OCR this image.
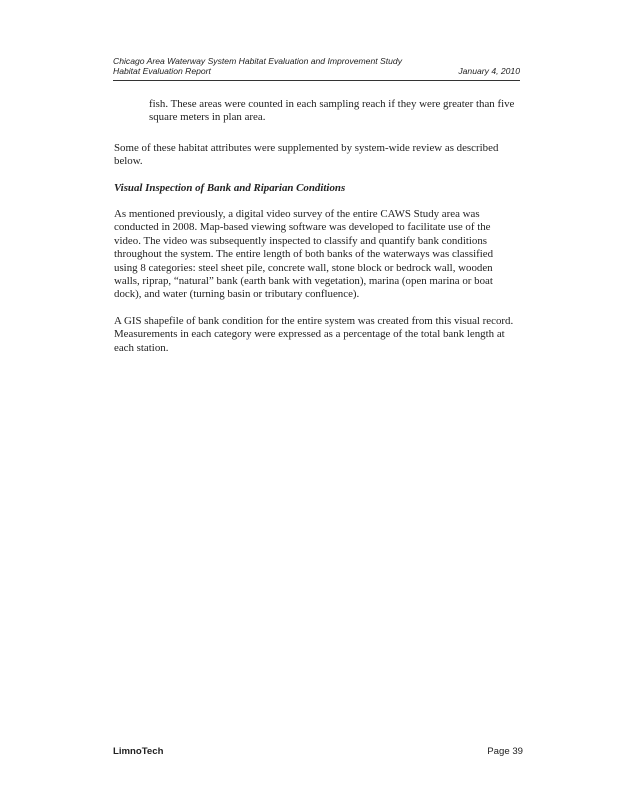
Chicago Area Waterway System Habitat Evaluation and Improvement Study
Habitat Evaluation Report	January 4, 2010

fish. These areas were counted in each sampling reach if they were greater than five square meters in plan area.

Some of these habitat attributes were supplemented by system-wide review as described below.

Visual Inspection of Bank and Riparian Conditions

As mentioned previously, a digital video survey of the entire CAWS Study area was conducted in 2008. Map-based viewing software was developed to facilitate use of the video. The video was subsequently inspected to classify and quantify bank conditions throughout the system. The entire length of both banks of the waterways was classified using 8 categories: steel sheet pile, concrete wall, stone block or bedrock wall, wooden walls, riprap, “natural” bank (earth bank with vegetation), marina (open marina or boat dock), and water (turning basin or tributary confluence).

A GIS shapefile of bank condition for the entire system was created from this visual record. Measurements in each category were expressed as a percentage of the total bank length at each station.

LimnoTech	Page 39
